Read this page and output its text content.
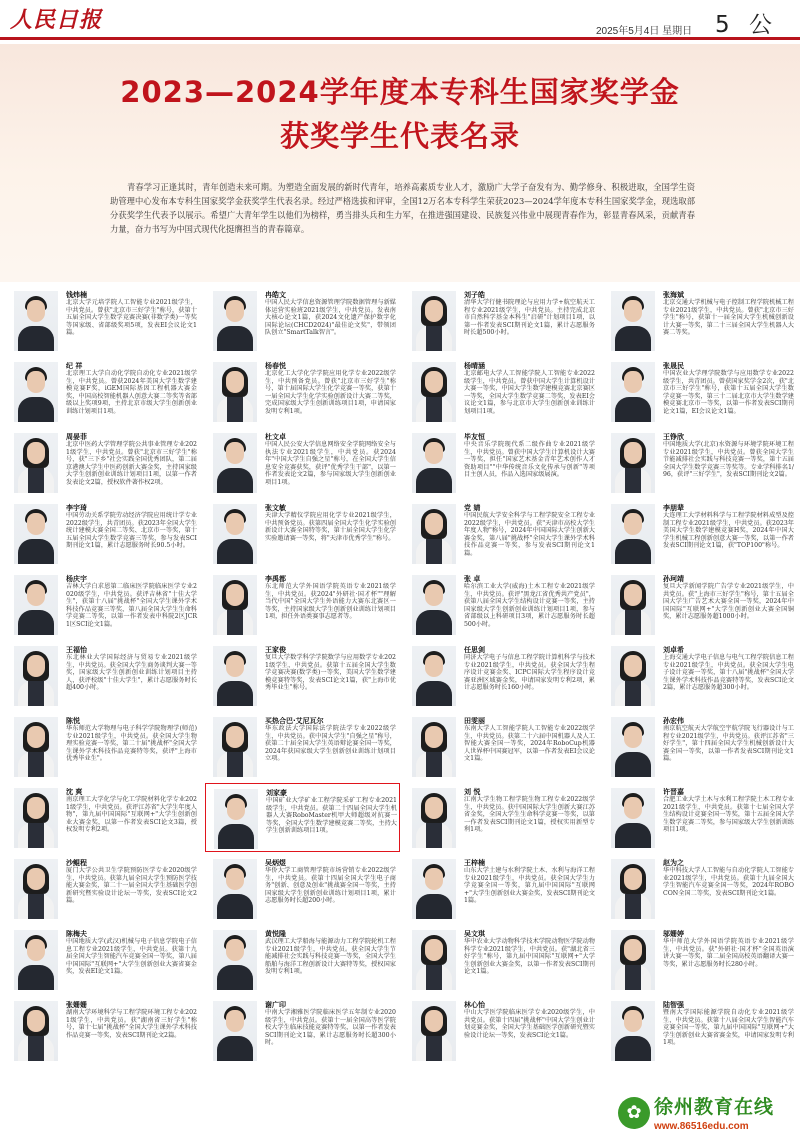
人民日报	2025年5月4日 星期日 5 公
2023—2024学年度本专科生国家奖学金
获奖学生代表名录
青春学习正逢其时，青年创造未来可期。为塑造全面发展的新时代青年，培养高素质专业人才，激励广大学子奋发有为、勤学修身、积极进取，全国学生资助管理中心发布本专科生国家奖学金获奖学生代表名录。经过严格选拔和评审，全国12万名本专科学生荣获2023—2024学年度本专科生国家奖学金，现选取部分获奖学生代表予以展示。希望广大青年学生以他们为榜样，勇当排头兵和生力军，在推进强国建设、民族复兴伟业中展现青春作为，彰显青春风采，贡献青春力量，奋力书写为中国式现代化挺膺担当的青春篇章。
钱炜楠
北京大学元培学院人工智能专业2021级学生，中共党员。曾获"北京市三好学生"称号，获第十五届全国大学生数学竞赛决赛(非数学类)一等奖等国家级、省部级奖项5项，发表EI会议论文1篇。
冉皓文
中国人民大学信息资源管理学院数据管理与新媒体运营实验班2021级学生，中共党员。发表南大核心论文1篇，获2024文化遗产保护数字化国际论坛(CHCD2024)"最佳论文奖"，带领团队创立"SmartTalk智言"。
刘子皓
清华大学行健书院理论与应用力学+航空航天工程专业2021级学生，中共党员。主持完成北京市自然科学基金本科生"启研"计划项目1项，以第一作者发表SCI期刊论文1篇，累计志愿服务时长超500小时。
张海斌
北京交通大学机械与电子控制工程学院机械工程专业2021级学生，中共党员。曾获"北京市三好学生"称号，获第十一届全国大学生机械创新设计大赛一等奖，第二十三届全国大学生机器人大赛二等奖。
纪 祥
北京理工大学自动化学院自动化专业2021级学生，中共党员。曾获2024年美国大学生数学建模竞赛F奖，iGEM国际基因工程机器大赛金奖，中国高校智能机器人创意大赛二等奖等省部级以上奖项9项，主持北京市级大学生创新创业训练计划项目1项。
杨春悦
北京化工大学化学学院应用化学专业2022级学生，中共预备党员。曾获"北京市三好学生"称号，第十届国际大学生化学竞赛一等奖，获第十一届全国大学生化学实验创新设计大赛二等奖，完成国家级大学生创新训练项目1项，申请国家发明专利1项。
杨晴涵
北京邮电大学人工智能学院人工智能专业2022级学生，中共党员。曾获中国大学生计算机设计大赛一等奖，中国大学生数学建模竞赛北京赛区一等奖，全国大学生数学竞赛二等奖，发表EI会议论文1篇，参与北京市大学生创新创业训练计划项目1项。
张晟民
中国农业大学理学院数学与应用数学专业2022级学生，共青团员。曾获国家奖学金2次，获"北京市三好学生"称号，获第十五届全国大学生数学竞赛一等奖，第三十二届北京市大学生数学建模竞赛北京市一等奖，以第一作者发表SCI期刊论文1篇，EI会议论文1篇。
周晏菲
北京中医药大学管理学院公共事业管理专业2021级学生，中共党员。曾获"北京市三好学生"称号，获"三下乡"社会实践全国优秀团队，第二届京港澳大学生中医药创新大赛金奖，主持国家级大学生创新创业训练计划项目1项，以第一作者发表论文2篇，授权软件著作权2项。
杜文卓
中国人民公安大学信息网络安全学院网络安全与执法专业2021级学生，中共党员。获2024年"中国大学生自强之星"称号，在全国大学生信息安全竞赛获奖，获评"优秀学生干部"，以第一作者发表论文2篇，参与国家级大学生创新创业项目1项。
毕友恒
中央音乐学院现代系二级作曲专业2021级学生，中共党员。曾获中国大学生计算机设计大赛一等奖，担任"国家艺术基金青年艺术创作人才资助项目""中华传统音乐文化传承与创新"等项目主创人员，作品入选国家级展演。
王铮欣
中国地质大学(北京)水资源与环境学院环境工程专业2021级学生，中共党员。曾获全国大学生节能减排社会实践与科技竞赛一等奖，第十五届全国大学生数学竞赛三等奖等。专业学科排名1/96，获评"三好学生"，发表SCI期刊论文2篇。
李宇琦
中国劳动关系学院劳动经济学院应用统计学专业2022级学生，共青团员。获2023年全国大学生统计建模大赛全国二等奖、北京市一等奖，第十五届全国大学生数学竞赛三等奖，参与发表SCI期刊论文1篇，累计志愿服务时长90.5小时。
张文敏
天津大学精仪学院应用化学专业2021级学生，中共预备党员。获第四届全国大学生化学实验创新设计大赛全国特等奖，第十届全国大学生化学实验邀请赛一等奖，将"天津市优秀学生"称号。
党 婧
中国民航大学安全科学与工程学院安全工程专业2022级学生，中共党员。获"天津市高校大学生年度人物"称号，2024年中国国际大学生创新大赛金奖，第八届"挑战杯"全国大学生课外学术科技作品竞赛一等奖，参与发表SCI期刊论文1篇。
李朋辈
大连理工大学材料科学与工程学院材料成型及控制工程专业2021级学生，中共党员。获2023年美国大学生数学建模竞赛H奖，2024年中国大学生机械工程创新创意大赛一等奖，以第一作者发表SCI期刊论文1篇，获"TOP100"称号。
杨庆宇
吉林大学白求恩第二临床医学院临床医学专业2020级学生，中共党员。获评吉林省"十佳大学生"，获第十八届"挑战杯"全国大学生课外学术科技作品竞赛三等奖，第八届全国大学生生命科学竞赛二等奖，以第一作者发表中科院2区JCR1区SCI论文1篇。
李禹都
东北师范大学外国语学院英语专业2021级学生，中共党员。获2024"外研社·国才杯""理解当代中国"全国大学生外语能力大赛东北赛区一等奖，主持国家级大学生创新创业训练计划项目1项，担任外语类赛事志愿者等。
张 卓
哈尔滨工业大学(威海)土木工程专业2021级学生，中共党员。获评"黑龙江省优秀共产党员"，获第八届全国大学生结构设计竞赛一等奖，主持国家级大学生创新创业训练计划项目1项，参与省部级以上科研项目3项，累计志愿服务时长超500小时。
孙珂靖
复旦大学新闻学院广告学专业2021级学生，中共党员。获"上海市三好学生"称号，第十五届全国大学生广告艺术大赛全国一等奖，2024年中国国际"互联网+"大学生创新创业大赛全国铜奖，累计志愿服务超1000小时。
王福怡
东北林业大学国际经济与贸易专业2021级学生，中共党员。获全国大学生商务谈判大赛一等奖，国家级大学生创新创业训练计划项目主持人，获评校级"十佳大学生"，累计志愿服务时长超400小时。
王家俊
复旦大学数学科学学院数学与应用数学专业2021级学生，中共党员。获第十五届全国大学生数学竞赛决赛(数学类)一等奖，美国大学生数学建模竞赛特等奖，发表SCI论文1篇，获"上海市优秀毕业生"称号。
任思剑
同济大学电子与信息工程学院计算机科学与技术专业2021级学生，中共党员。获全国大学生程序设计竞赛金奖、ICPC国际大学生程序设计竞赛亚洲区域赛金奖，申请国家发明专利2项，累计志愿服务时长160小时。
刘卓希
上海交通大学电子信息与电气工程学院信息工程专业2021级学生，中共党员。获全国大学生电子设计竞赛一等奖，第十八届"挑战杯"全国大学生课外学术科技作品竞赛特等奖，发表SCI论文2篇，累计志愿服务超300小时。
陈悦
华东师范大学物理与电子科学学院物理学(师范)专业2021级学生，中共党员。获全国大学生物理实验竞赛一等奖，第二十届"挑战杯"全国大学生课外学术科技作品竞赛特等奖，获评"上海市优秀毕业生"。
买热合巴·艾尼瓦尔
华东政法大学国际法学院法学专业2022级学生，中共党员。获中国大学生"自强之星"称号，获第二十届全国大学生英语辩论赛全国一等奖，2024年获国家级大学生创新创业训练计划项目立项。
田雯丽
东南大学人工智能学院人工智能专业2022级学生，中共党员。获第二十六届中国机器人及人工智能大赛全国一等奖，2024年RoboCup机器人世界杯中国赛冠军，以第一作者发表EI会议论文1篇。
孙宏伟
南京航空航天大学航空宇航学院飞行器设计与工程专业2021级学生，中共党员。获评江苏省"三好学生"，第十四届全国大学生机械创新设计大赛全国一等奖，以第一作者发表SCI期刊论文1篇。
沈 爽
南京理工大学化学与化工学院材料化学专业2021级学生，中共党员。获评江苏省"大学生年度人物"，第九届中国国际"互联网+"大学生创新创业大赛金奖，以第一作者发表SCI论文3篇，授权发明专利2项。
刘家豪
中国矿业大学矿业工程学院采矿工程专业2021级学生，中共党员。获第二十四届全国大学生机器人大赛RoboMaster机甲大师超级对抗赛一等奖，全国大学生数学建模竞赛二等奖，主持大学生创新训练项目1项。
刘 悦
江南大学生物工程学院生物工程专业2022级学生，中共党员。获中国国际大学生创新大赛江苏省金奖，全国大学生生命科学竞赛一等奖，以第一作者发表SCI期刊论文1篇，授权实用新型专利1项。
许晋嘉
合肥工业大学土木与水利工程学院土木工程专业2021级学生，中共党员。获第十七届全国大学生结构设计竞赛全国一等奖，第十五届全国大学生数学竞赛二等奖，参与国家级大学生创新训练项目1项。
沙鲲程
厦门大学公共卫生学院预防医学专业2020级学生，中共党员。获第九届全国大学生预防医学技能大赛金奖，第二十一届全国大学生基础医学创新研究暨实验设计论坛一等奖，发表SCI论文2篇。
吴炳煜
华侨大学工商管理学院市场营销专业2022级学生，中共党员。获第十四届全国大学生电子商务"创新、创意及创业"挑战赛全国一等奖，主持国家级大学生创新创业训练计划项目1项，累计志愿服务时长超200小时。
王梓楠
山东大学土建与水利学院土木、水利与海洋工程专业2021级学生，中共党员。获全国大学生力学竞赛全国一等奖，第九届中国国际"互联网+"大学生创新创业大赛金奖，发表SCI期刊论文1篇。
赵为之
华中科技大学人工智能与自动化学院人工智能专业2021级学生，中共党员。获第十九届全国大学生智能汽车竞赛全国一等奖，2024年ROBOCON全国二等奖，发表SCI期刊论文1篇。
陈梅夫
中国地质大学(武汉)机械与电子信息学院电子信息工程专业2021级学生，中共党员。获第十九届全国大学生智能汽车竞赛全国一等奖，第八届中国国际"互联网+"大学生创新创业大赛省赛金奖，发表EI论文1篇。
黄悦隆
武汉理工大学船海与能源动力工程学院轮机工程专业2021级学生，中共党员。获全国大学生节能减排社会实践与科技竞赛一等奖，全国大学生船舶与海洋工程创新设计大赛特等奖，授权国家发明专利1项。
吴文琪
华中农业大学动物科学技术学院动物医学院动物科学专业2021级学生，中共党员。获"湖北省三好学生"称号，第九届中国国际"互联网+"大学生创新创业大赛金奖，以第一作者发表SCI期刊论文1篇。
邬姗婷
华中师范大学外国语学院英语专业2021级学生，中共党员。获"外研社·国才杯"全国英语演讲大赛一等奖，第二届全国高校英语翻译大赛一等奖，累计志愿服务时长280小时。
张姗姗
湖南大学环境科学与工程学院环境工程专业2021级学生，中共党员。获"湖南省三好学生"称号，第十七届"挑战杯"全国大学生课外学术科技作品竞赛一等奖，发表SCI期刊论文2篇。
谢广印
中南大学湘雅医学院临床医学五年制专业2020级学生，中共党员。获第十一届全国高等医学院校大学生临床技能竞赛特等奖，以第一作者发表SCI期刊论文1篇，累计志愿服务时长超300小时。
林心怡
中山大学医学院临床医学专业2020级学生，中共党员。获第十四届"挑战杯"中国大学生创业计划竞赛金奖，全国大学生基础医学创新研究暨实验设计论坛一等奖，发表SCI论文1篇。
陆智强
暨南大学国际能源学院自动化专业2021级学生，中共党员。获第十八届全国大学生智能汽车竞赛全国一等奖，第九届中国国际"互联网+"大学生创新创业大赛省赛金奖，申请国家发明专利1项。
✿ 徐州教育在线
www.86516edu.com
